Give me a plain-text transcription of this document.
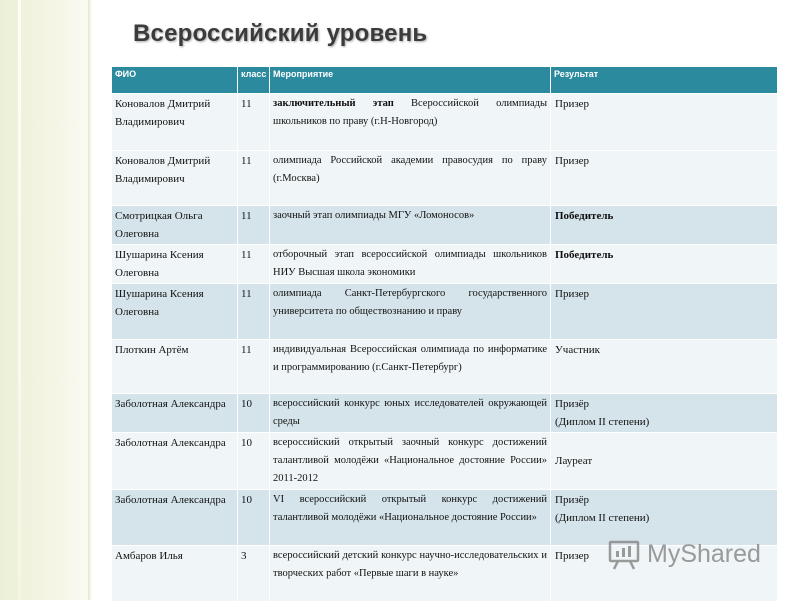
Всероссийский уровень
ФИО	класс	Мероприятие	Результат
Коновалов Дмитрий Владимирович	11	заключительный этап Всероссийской олимпиады школьников по праву (г.Н-Новгород)	Призер
Коновалов Дмитрий Владимирович	11	олимпиада Российской академии правосудия по праву (г.Москва)	Призер
Смотрицкая Ольга Олеговна	11	заочный этап олимпиады МГУ «Ломоносов»	Победитель
Шушарина Ксения Олеговна	11	отборочный этап всероссийской олимпиады школьников НИУ Высшая школа экономики	Победитель
Шушарина Ксения Олеговна	11	олимпиада Санкт-Петербургского государственного университета по обществознанию и праву	Призер
Плоткин Артём	11	индивидуальная Всероссийская олимпиада по информатике и программированию (г.Санкт-Петербург)	Участник
Заболотная Александра	10	всероссийский конкурс юных исследователей окружающей среды	Призёр
(Диплом II степени)

Заболотная Александра	10	всероссийский открытый заочный конкурс достижений талантливой молодёжи «Национальное достояние России» 2011-2012	Лауреат

Заболотная Александра	10	VI всероссийский открытый конкурс достижений талантливой молодёжи «Национальное достояние России»	Призёр
(Диплом II степени)

Амбаров Илья	3	всероссийский детский конкурс научно-исследовательских и творческих работ «Первые шаги в науке»	Призер MyShared
